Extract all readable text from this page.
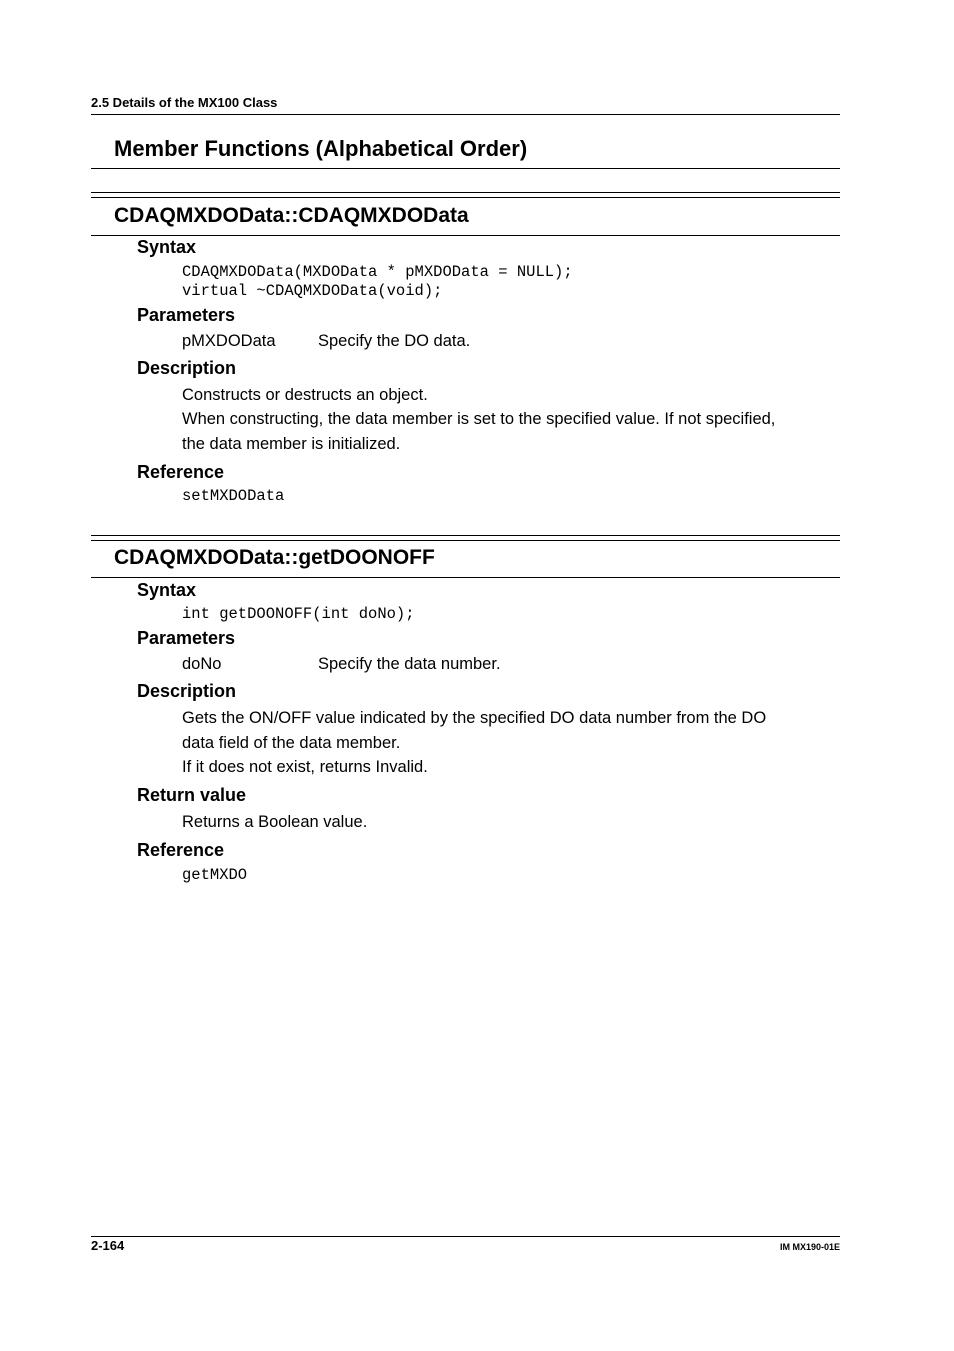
2.5 Details of the MX100 Class
Member Functions (Alphabetical Order)
CDAQMXDOData::CDAQMXDOData
Syntax
CDAQMXDOData(MXDOData * pMXDOData = NULL);
virtual ~CDAQMXDOData(void);
Parameters
pMXDOData	Specify the DO data.
Description
Constructs or destructs an object.
When constructing, the data member is set to the specified value. If not specified,
the data member is initialized.
Reference
setMXDOData
CDAQMXDOData::getDOONOFF
Syntax
int getDOONOFF(int doNo);
Parameters
doNo	Specify the data number.
Description
Gets the ON/OFF value indicated by the specified DO data number from the DO
data field of the data member.
If it does not exist, returns Invalid.
Return value
Returns a Boolean value.
Reference
getMXDO
2-164	IM MX190-01E
